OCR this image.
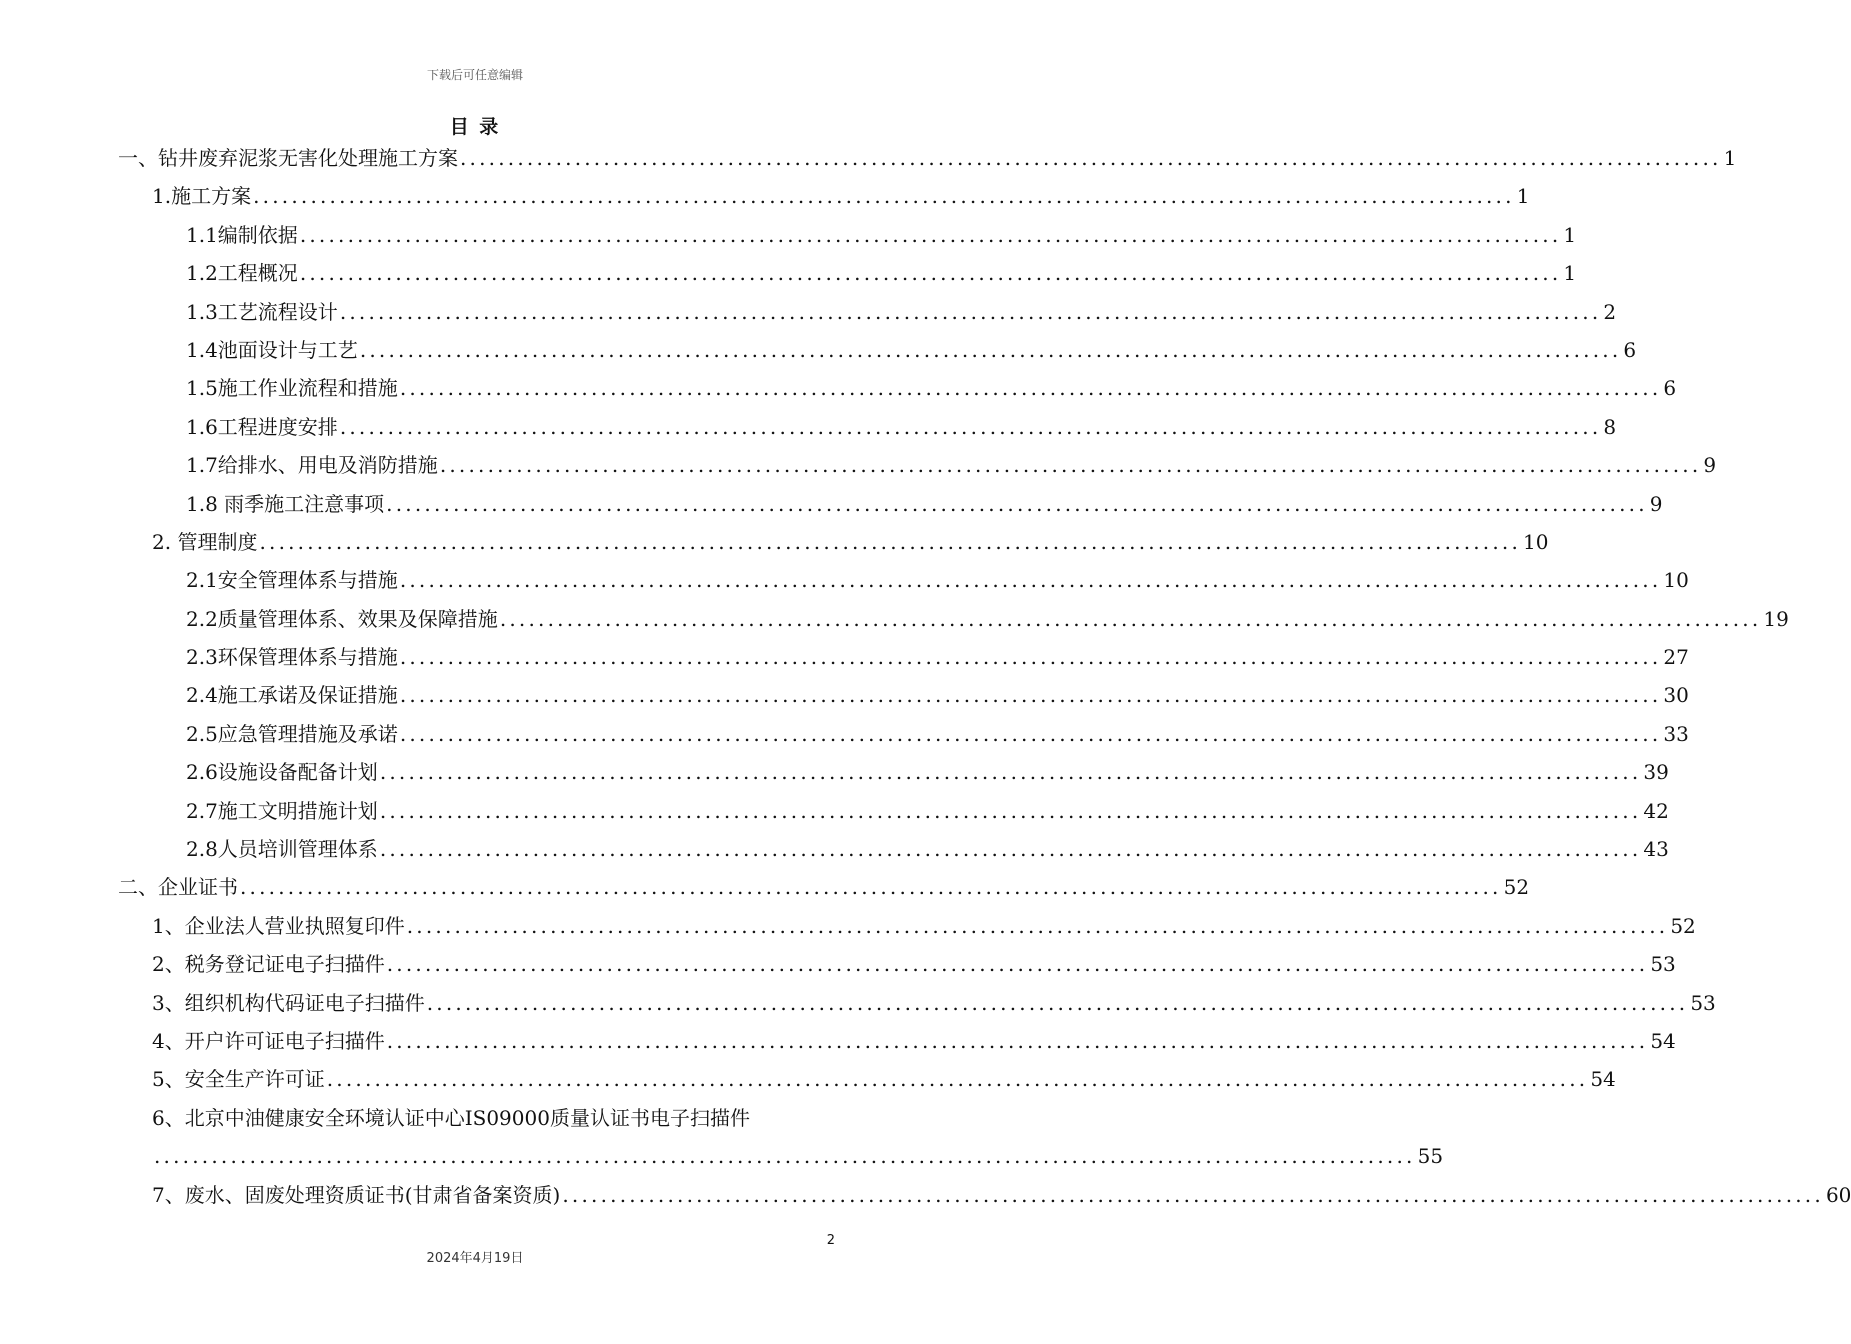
下载后可任意编辑
目 录
一、钻井废弃泥浆无害化处理施工方案 .................................................................................................................................... 1
1.施工方案 .................................................................................................................................... 1
1.1编制依据 .................................................................................................................................... 1
1.2工程概况 .................................................................................................................................... 1
1.3工艺流程设计 .................................................................................................................................... 2
1.4池面设计与工艺 .................................................................................................................................... 6
1.5施工作业流程和措施 .................................................................................................................................... 6
1.6工程进度安排 .................................................................................................................................... 8
1.7给排水、用电及消防措施 .................................................................................................................................... 9
1.8 雨季施工注意事项 .................................................................................................................................... 9
2. 管理制度 .................................................................................................................................... 10
2.1安全管理体系与措施 .................................................................................................................................... 10
2.2质量管理体系、效果及保障措施 .................................................................................................................................... 19
2.3环保管理体系与措施 .................................................................................................................................... 27
2.4施工承诺及保证措施 .................................................................................................................................... 30
2.5应急管理措施及承诺 .................................................................................................................................... 33
2.6设施设备配备计划 .................................................................................................................................... 39
2.7施工文明措施计划 .................................................................................................................................... 42
2.8人员培训管理体系 .................................................................................................................................... 43
二、企业证书 .................................................................................................................................... 52
1、企业法人营业执照复印件 .................................................................................................................................... 52
2、税务登记证电子扫描件 .................................................................................................................................... 53
3、组织机构代码证电子扫描件 .................................................................................................................................... 53
4、开户许可证电子扫描件 .................................................................................................................................... 54
5、安全生产许可证 .................................................................................................................................... 54
6、北京中油健康安全环境认证中心IS09000质量认证书电子扫描件
.................................................................................................................................... 55
7、废水、固废处理资质证书(甘肃省备案资质) .................................................................................................................................... 60
2
2024年4月19日
